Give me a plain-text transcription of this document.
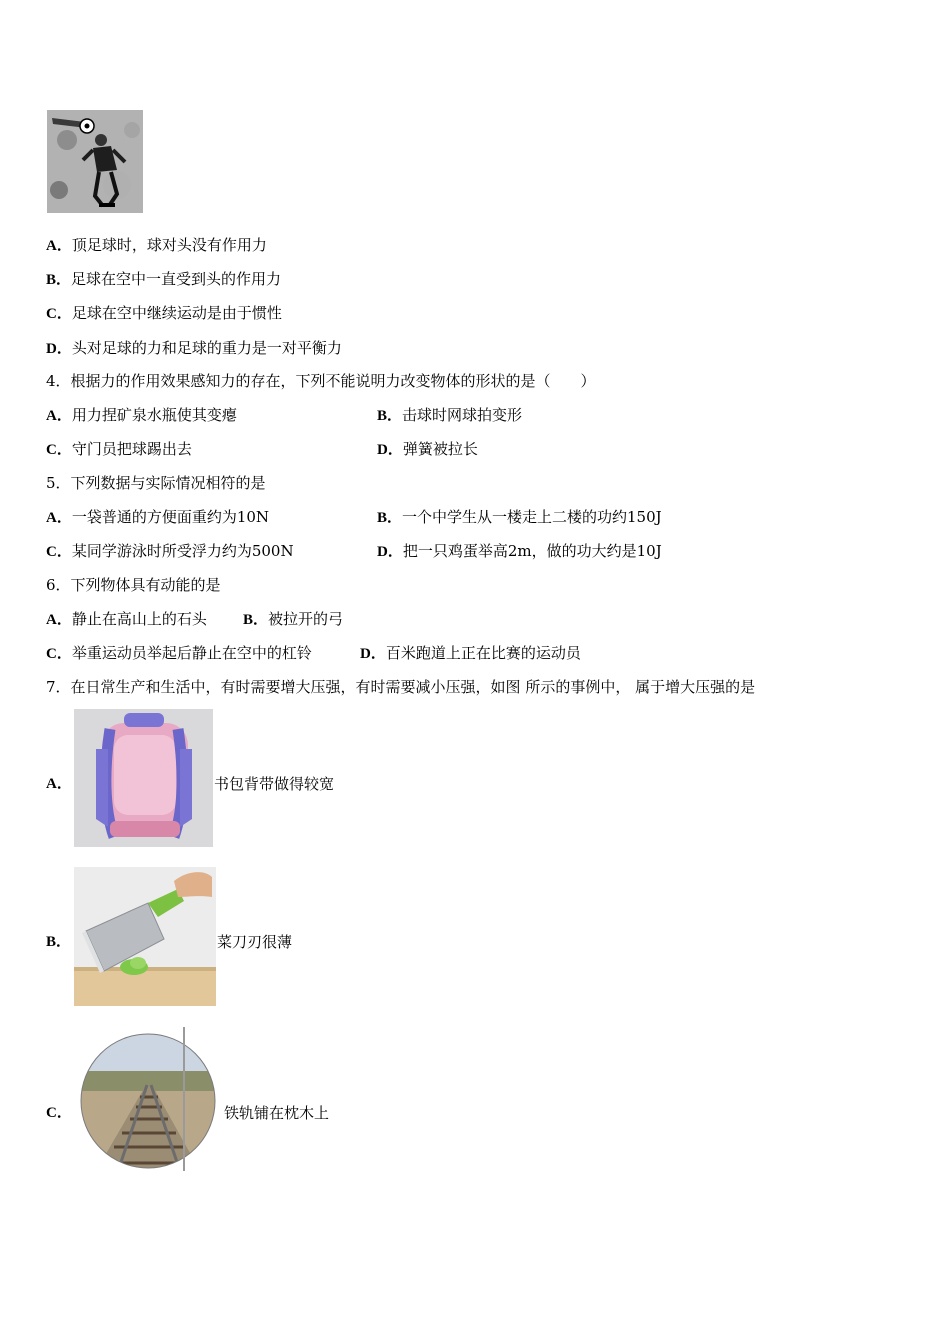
A．顶足球时，球对头没有作用力
B．足球在空中一直受到头的作用力
C．足球在空中继续运动是由于惯性
D．头对足球的力和足球的重力是一对平衡力
4．根据力的作用效果感知力的存在，下列不能说明力改变物体的形状的是（　　）
A．用力捏矿泉水瓶使其变瘪	B．击球时网球拍变形
C．守门员把球踢出去	D．弹簧被拉长
5．下列数据与实际情况相符的是
A．一袋普通的方便面重约为10N	B．一个中学生从一楼走上二楼的功约150J
C．某同学游泳时所受浮力约为500N	D．把一只鸡蛋举高2m，做的功大约是10J
6．下列物体具有动能的是
A．静止在高山上的石头 B．被拉开的弓
C．举重运动员举起后静止在空中的杠铃	D．百米跑道上正在比赛的运动员
7．在日常生产和生活中，有时需要增大压强，有时需要减小压强，如图 所示的事例中， 属于增大压强的是
A．	书包背带做得较宽
B．	菜刀刃很薄
C．	铁轨铺在枕木上
